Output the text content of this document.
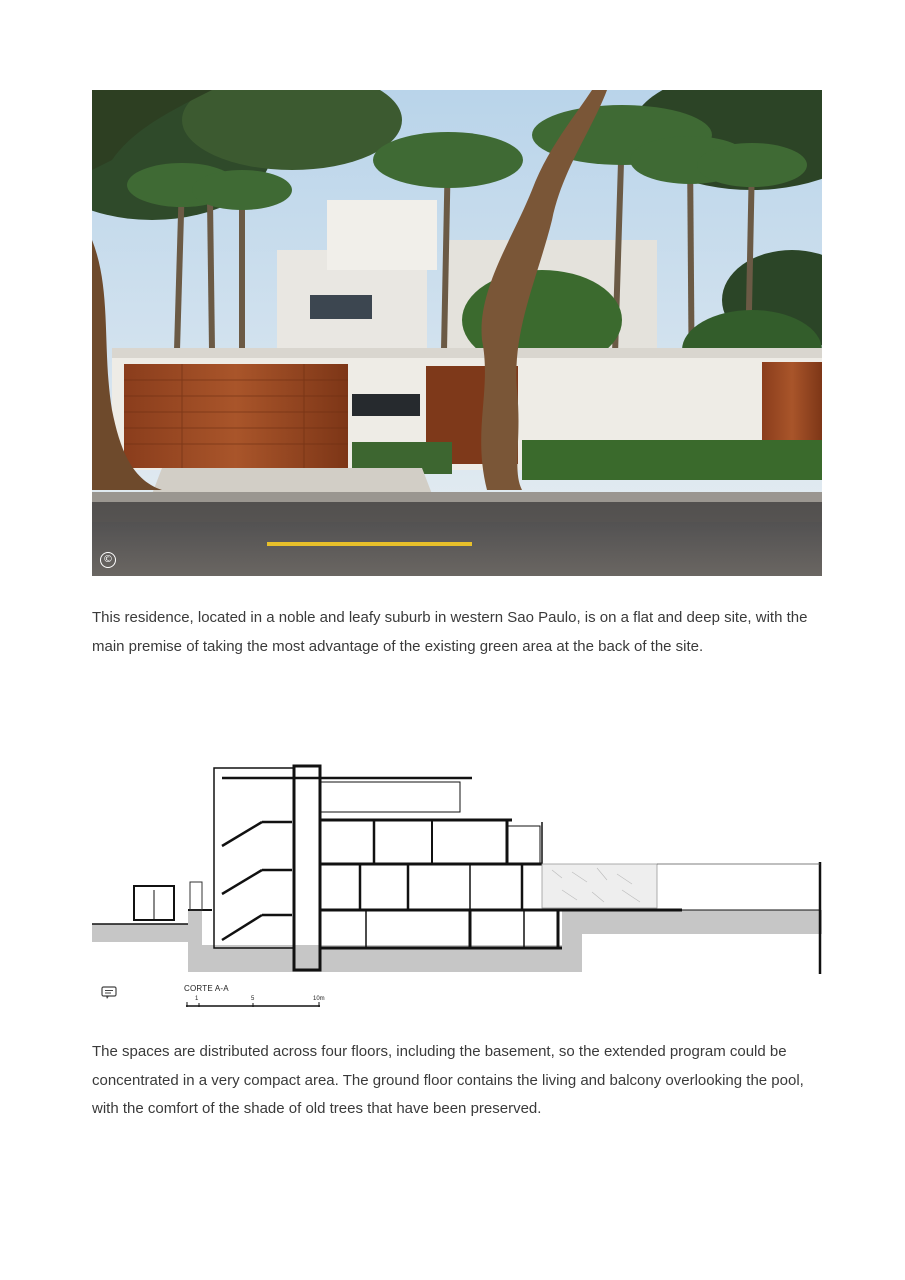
©

This residence, located in a noble and leafy suburb in western Sao Paulo, is on a flat and deep site, with the main premise of taking the most advantage of the existing green area at the back of the site.

CORTE A-A
1	5	10m

The spaces are distributed across four floors, including the basement, so the extended program could be concentrated in a very compact area. The ground floor contains the living and balcony overlooking the pool, with the comfort of the shade of old trees that have been preserved.
